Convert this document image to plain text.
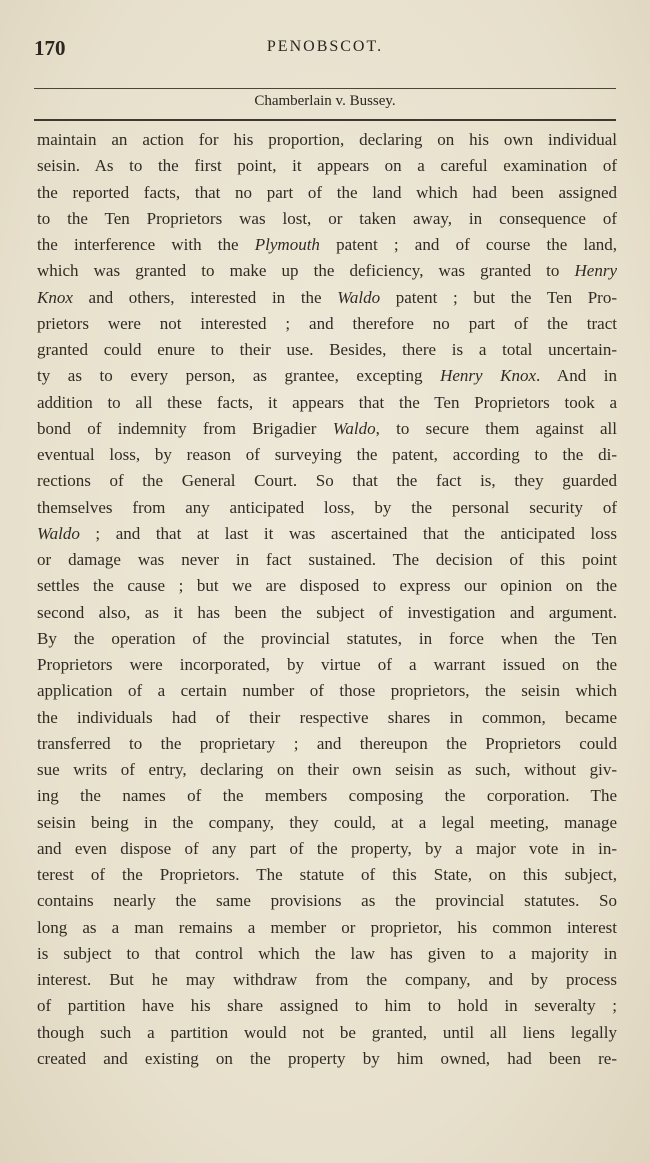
170	PENOBSCOT.
Chamberlain v. Bussey.
maintain an action for his proportion, declaring on his own individual
seisin. As to the first point, it appears on a careful examination of
the reported facts, that no part of the land which had been assigned
to the Ten Proprietors was lost, or taken away, in consequence of
the interference with the Plymouth patent ; and of course the land,
which was granted to make up the deficiency, was granted to Henry
Knox and others, interested in the Waldo patent ; but the Ten Pro-
prietors were not interested ; and therefore no part of the tract
granted could enure to their use. Besides, there is a total uncertain-
ty as to every person, as grantee, excepting Henry Knox. And in
addition to all these facts, it appears that the Ten Proprietors took a
bond of indemnity from Brigadier Waldo, to secure them against all
eventual loss, by reason of surveying the patent, according to the di-
rections of the General Court. So that the fact is, they guarded
themselves from any anticipated loss, by the personal security of
Waldo ; and that at last it was ascertained that the anticipated loss
or damage was never in fact sustained. The decision of this point
settles the cause ; but we are disposed to express our opinion on the
second also, as it has been the subject of investigation and argument.
By the operation of the provincial statutes, in force when the Ten
Proprietors were incorporated, by virtue of a warrant issued on the
application of a certain number of those proprietors, the seisin which
the individuals had of their respective shares in common, became
transferred to the proprietary ; and thereupon the Proprietors could
sue writs of entry, declaring on their own seisin as such, without giv-
ing the names of the members composing the corporation. The
seisin being in the company, they could, at a legal meeting, manage
and even dispose of any part of the property, by a major vote in in-
terest of the Proprietors. The statute of this State, on this subject,
contains nearly the same provisions as the provincial statutes. So
long as a man remains a member or proprietor, his common interest
is subject to that control which the law has given to a majority in
interest. But he may withdraw from the company, and by process
of partition have his share assigned to him to hold in severalty ;
though such a partition would not be granted, until all liens legally
created and existing on the property by him owned, had been re-
